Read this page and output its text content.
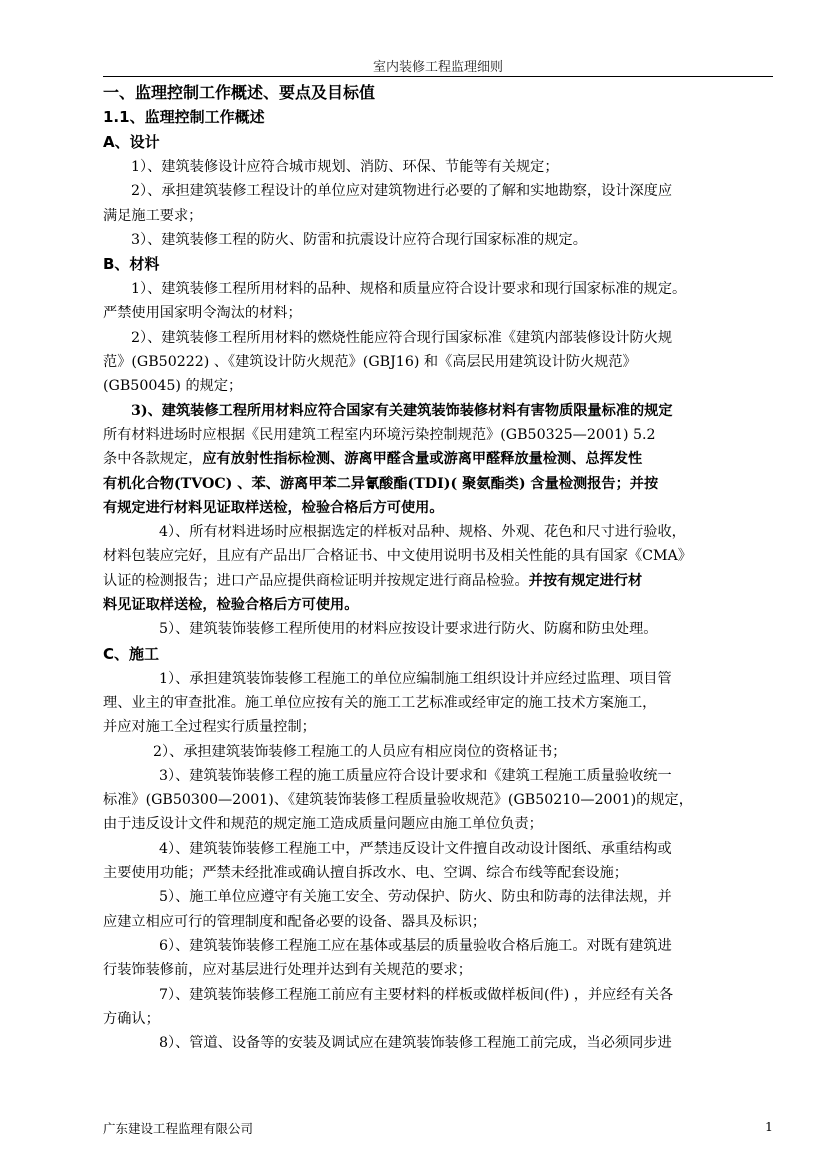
室内装修工程监理细则
一、监理控制工作概述、要点及目标值
1.1、监理控制工作概述
A、设计
1）、建筑装修设计应符合城市规划、消防、环保、节能等有关规定；
2）、承担建筑装修工程设计的单位应对建筑物进行必要的了解和实地勘察，设计深度应
满足施工要求；
3）、建筑装修工程的防火、防雷和抗震设计应符合现行国家标准的规定。
B、材料
1）、建筑装修工程所用材料的品种、规格和质量应符合设计要求和现行国家标准的规定。
严禁使用国家明令淘汰的材料；
2）、建筑装修工程所用材料的燃烧性能应符合现行国家标准《建筑内部装修设计防火规
范》(GB50222) 、《建筑设计防火规范》(GBJ16) 和《高层民用建筑设计防火规范》
(GB50045) 的规定；
3)、建筑装修工程所用材料应符合国家有关建筑装饰装修材料有害物质限量标准的规定
所有材料进场时应根据《民用建筑工程室内环境污染控制规范》(GB50325—2001) 5.2
条中各款规定，应有放射性指标检测、游离甲醛含量或游离甲醛释放量检测、总挥发性
有机化合物(TVOC) 、苯、游离甲苯二异氰酸酯(TDI)( 聚氨酯类) 含量检测报告；并按
有规定进行材料见证取样送检，检验合格后方可使用。
4）、所有材料进场时应根据选定的样板对品种、规格、外观、花色和尺寸进行验收，
材料包装应完好，且应有产品出厂合格证书、中文使用说明书及相关性能的具有国家《CMA》
认证的检测报告；进口产品应提供商检证明并按规定进行商品检验。并按有规定进行材
料见证取样送检，检验合格后方可使用。
5）、建筑装饰装修工程所使用的材料应按设计要求进行防火、防腐和防虫处理。
C、施工
1）、承担建筑装饰装修工程施工的单位应编制施工组织设计并应经过监理、项目管
理、业主的审查批准。施工单位应按有关的施工工艺标准或经审定的施工技术方案施工，
并应对施工全过程实行质量控制；
2）、承担建筑装饰装修工程施工的人员应有相应岗位的资格证书；
3）、建筑装饰装修工程的施工质量应符合设计要求和《建筑工程施工质量验收统一
标准》(GB50300—2001)、《建筑装饰装修工程质量验收规范》(GB50210—2001)的规定，
由于违反设计文件和规范的规定施工造成质量问题应由施工单位负责；
4）、建筑装饰装修工程施工中，严禁违反设计文件擅自改动设计图纸、承重结构或
主要使用功能；严禁未经批准或确认擅自拆改水、电、空调、综合布线等配套设施；
5）、施工单位应遵守有关施工安全、劳动保护、防火、防虫和防毒的法律法规，并
应建立相应可行的管理制度和配备必要的设备、器具及标识；
6）、建筑装饰装修工程施工应在基体或基层的质量验收合格后施工。对既有建筑进
行装饰装修前，应对基层进行处理并达到有关规范的要求；
7）、建筑装饰装修工程施工前应有主要材料的样板或做样板间(件) ，并应经有关各
方确认；
8）、管道、设备等的安装及调试应在建筑装饰装修工程施工前完成，当必须同步进
广东建设工程监理有限公司	1
